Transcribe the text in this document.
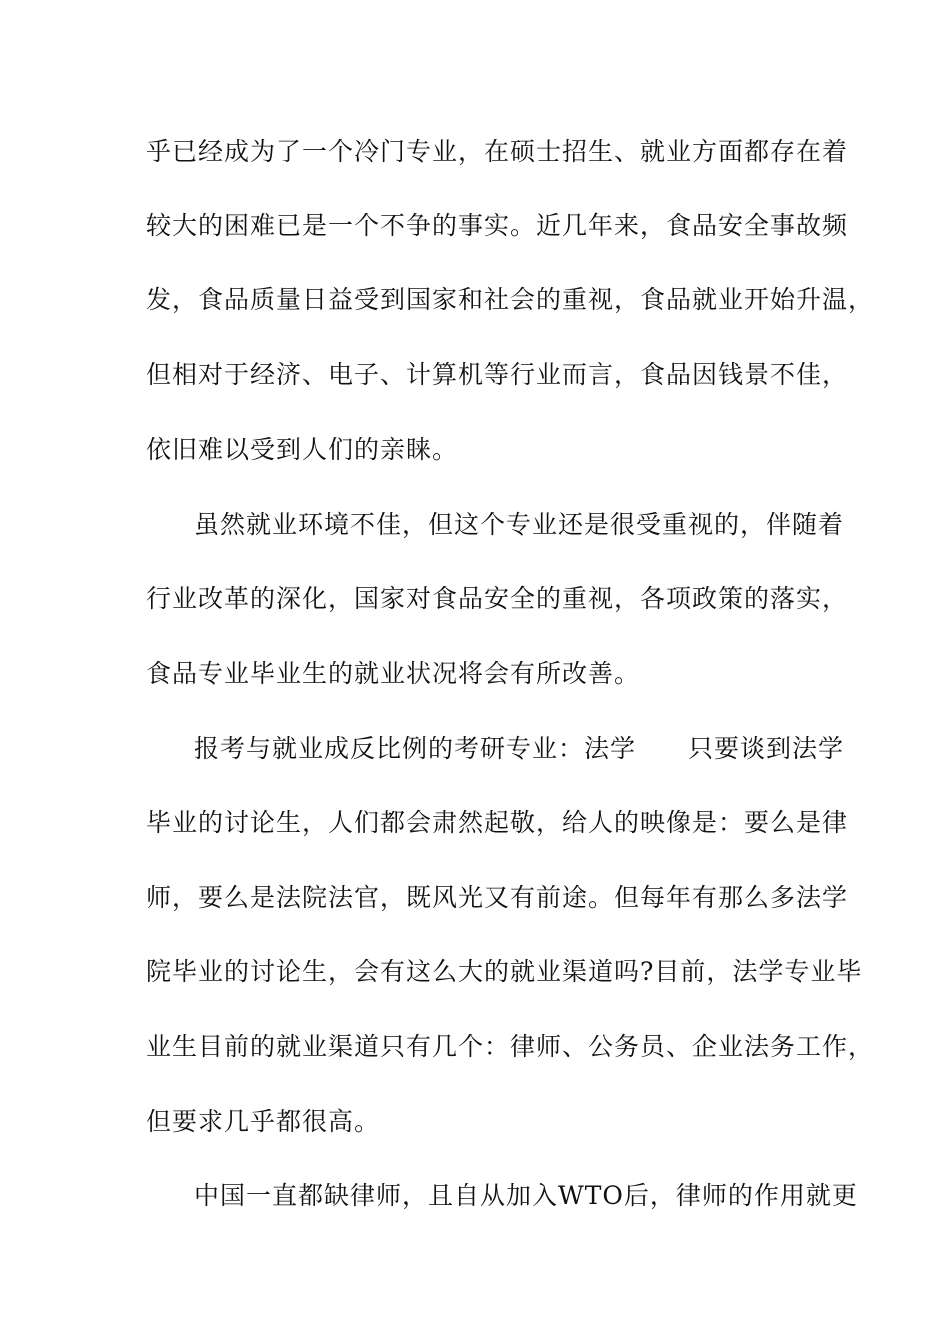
乎已经成为了一个冷门专业，在硕士招生、就业方面都存在着
较大的困难已是一个不争的事实。近几年来，食品安全事故频
发，食品质量日益受到国家和社会的重视，食品就业开始升温，
但相对于经济、电子、计算机等行业而言，食品因钱景不佳，
依旧难以受到人们的亲睐。
虽然就业环境不佳，但这个专业还是很受重视的，伴随着
行业改革的深化，国家对食品安全的重视，各项政策的落实，
食品专业毕业生的就业状况将会有所改善。
报考与就业成反比例的考研专业：法学　　只要谈到法学
毕业的讨论生，人们都会肃然起敬，给人的映像是：要么是律
师，要么是法院法官，既风光又有前途。但每年有那么多法学
院毕业的讨论生，会有这么大的就业渠道吗?目前，法学专业毕
业生目前的就业渠道只有几个：律师、公务员、企业法务工作，
但要求几乎都很高。
中国一直都缺律师，且自从加入WTO后，律师的作用就更
